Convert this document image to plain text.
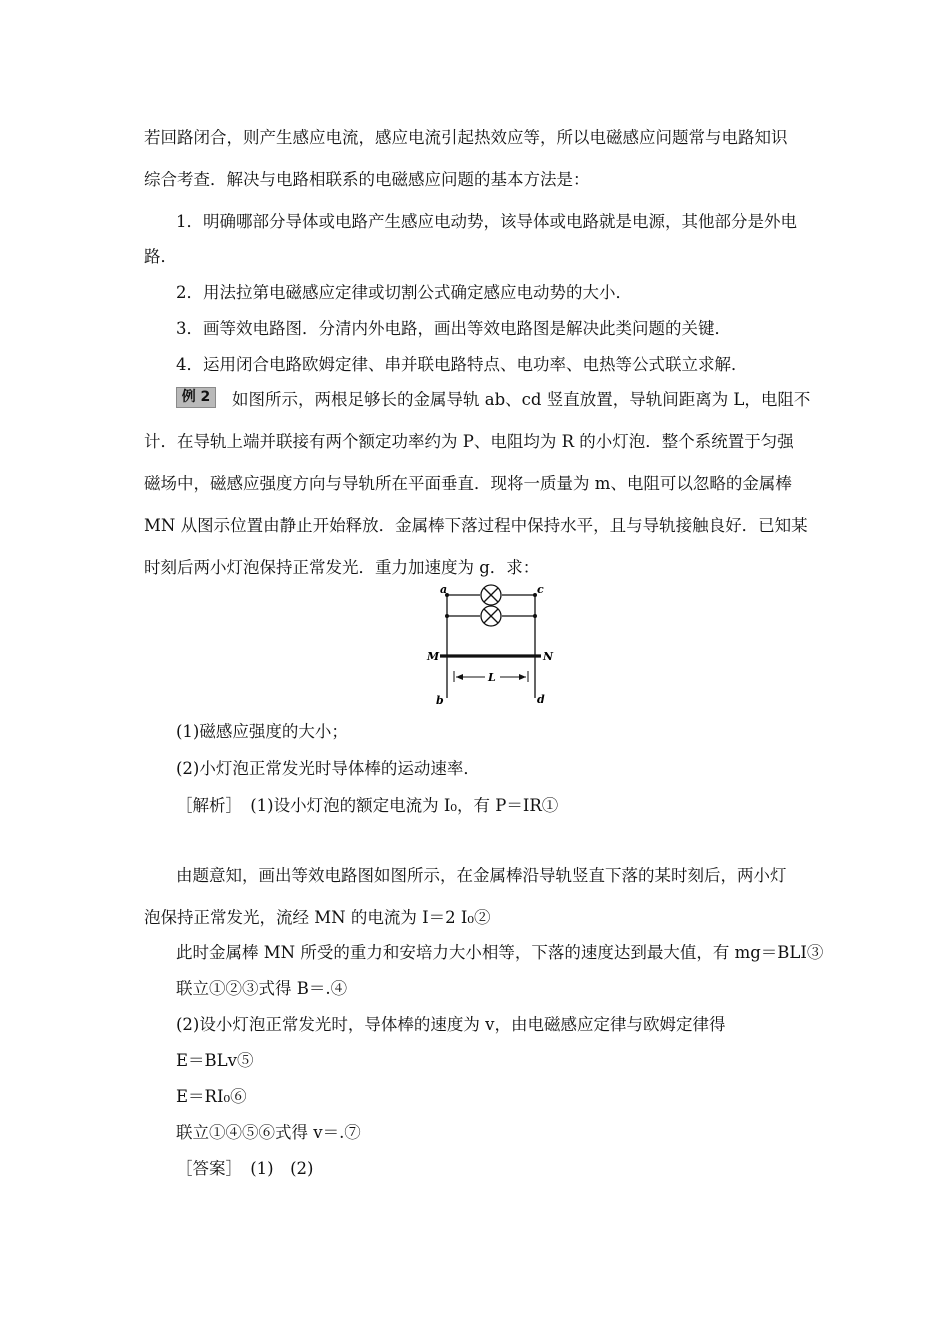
若回路闭合，则产生感应电流，感应电流引起热效应等，所以电磁感应问题常与电路知识
综合考查．解决与电路相联系的电磁感应问题的基本方法是：
1．明确哪部分导体或电路产生感应电动势，该导体或电路就是电源，其他部分是外电
路．
2．用法拉第电磁感应定律或切割公式确定感应电动势的大小．
3．画等效电路图．分清内外电路，画出等效电路图是解决此类问题的关键．
4．运用闭合电路欧姆定律、串并联电路特点、电功率、电热等公式联立求解．
例 2	如图所示，两根足够长的金属导轨 ab、cd 竖直放置，导轨间距离为 L，电阻不
计．在导轨上端并联接有两个额定功率约为 P、电阻均为 R 的小灯泡．整个系统置于匀强
磁场中，磁感应强度方向与导轨所在平面垂直．现将一质量为 m、电阻可以忽略的金属棒
MN 从图示位置由静止开始释放．金属棒下落过程中保持水平，且与导轨接触良好．已知某
时刻后两小灯泡保持正常发光．重力加速度为 g．求：
a	c
M	N
L
b	d
(1)磁感应强度的大小；
(2)小灯泡正常发光时导体棒的运动速率．
［解析］　(1)设小灯泡的额定电流为 I₀，有 P＝IR①
由题意知，画出等效电路图如图所示，在金属棒沿导轨竖直下落的某时刻后，两小灯
泡保持正常发光，流经 MN 的电流为 I＝2 I₀②
此时金属棒 MN 所受的重力和安培力大小相等，下落的速度达到最大值，有 mg＝BLI③
联立①②③式得 B＝.④
(2)设小灯泡正常发光时，导体棒的速度为 v，由电磁感应定律与欧姆定律得
E＝BLv⑤
E＝RI₀⑥
联立①④⑤⑥式得 v＝.⑦
［答案］　(1)　(2)
